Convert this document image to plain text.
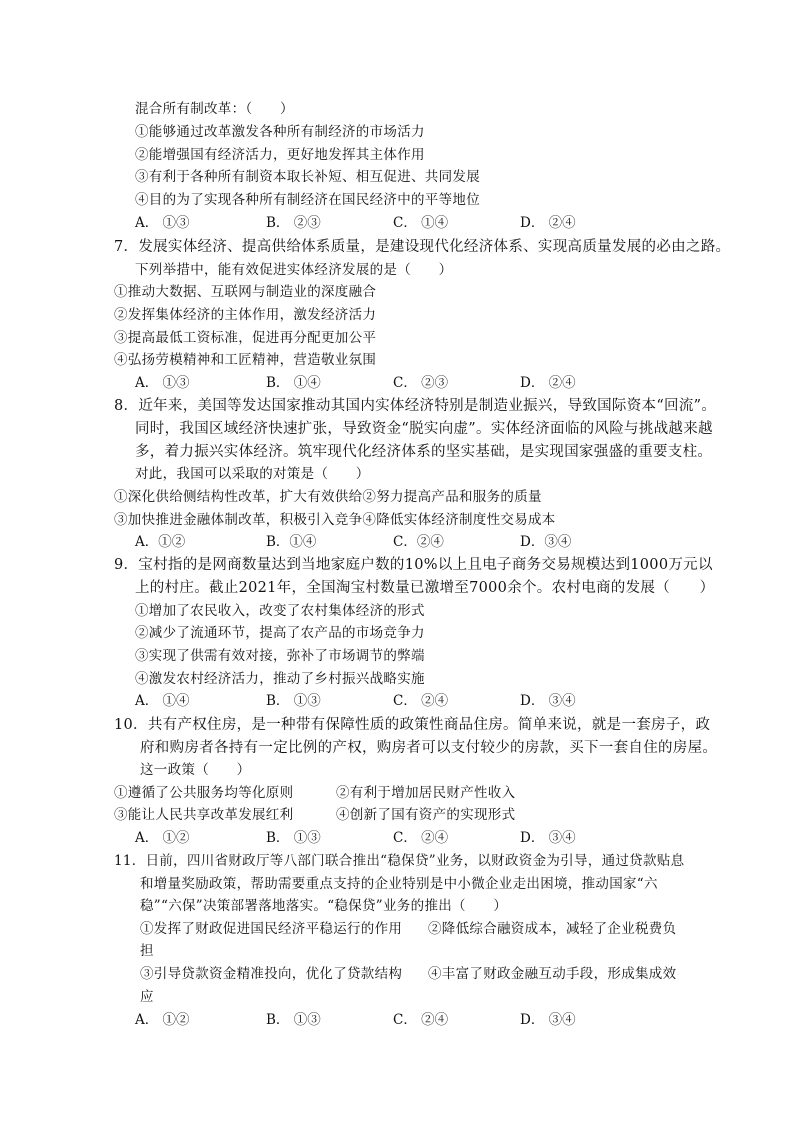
混合所有制改革：（　　）
①能够通过改革激发各种所有制经济的市场活力
②能增强国有经济活力，更好地发挥其主体作用
③有利于各种所有制资本取长补短、相互促进、共同发展
④目的为了实现各种所有制经济在国民经济中的平等地位
A． ①③	B． ②③	C． ①④	D． ②④
7．发展实体经济、提高供给体系质量，是建设现代化经济体系、实现高质量发展的必由之路。
下列举措中，能有效促进实体经济发展的是（　　）
①推动大数据、互联网与制造业的深度融合
②发挥集体经济的主体作用，激发经济活力
③提高最低工资标准，促进再分配更加公平
④弘扬劳模精神和工匠精神，营造敬业氛围
A． ①③	B． ①④	C． ②③	D． ②④
8．近年来，美国等发达国家推动其国内实体经济特别是制造业振兴，导致国际资本“回流”。
同时，我国区域经济快速扩张，导致资金“脱实向虚”。实体经济面临的风险与挑战越来越
多，着力振兴实体经济。筑牢现代化经济体系的坚实基础，是实现国家强盛的重要支柱。
对此，我国可以采取的对策是（　　）
①深化供给侧结构性改革，扩大有效供给②努力提高产品和服务的质量
③加快推进金融体制改革，积极引入竞争④降低实体经济制度性交易成本
A．①②	B．①④	C．②④	D．③④
9．宝村指的是网商数量达到当地家庭户数的10%以上且电子商务交易规模达到1000万元以
上的村庄。截止2021年，全国淘宝村数量已激增至7000余个。农村电商的发展（　　）
①增加了农民收入，改变了农村集体经济的形式
②减少了流通环节，提高了农产品的市场竞争力
③实现了供需有效对接，弥补了市场调节的弊端
④激发农村经济活力，推动了乡村振兴战略实施
A． ①④	B． ①③	C． ②④	D． ③④
10．共有产权住房，是一种带有保障性质的政策性商品住房。简单来说，就是一套房子，政
府和购房者各持有一定比例的产权，购房者可以支付较少的房款，买下一套自住的房屋。
这一政策（　　）
①遵循了公共服务均等化原则	②有利于增加居民财产性收入
③能让人民共享改革发展红利	④创新了国有资产的实现形式
A． ①②	B． ①③	C． ②④	D． ③④
11．日前，四川省财政厅等八部门联合推出“稳保贷”业务，以财政资金为引导，通过贷款贴息
和增量奖励政策，帮助需要重点支持的企业特别是中小微企业走出困境，推动国家“六
稳”“六保”决策部署落地落实。“稳保贷”业务的推出（　　）
①发挥了财政促进国民经济平稳运行的作用 ②降低综合融资成本，减轻了企业税费负
担
③引导贷款资金精准投向，优化了贷款结构 ④丰富了财政金融互动手段，形成集成效
应
A． ①②	B． ①③	C． ②④	D． ③④
